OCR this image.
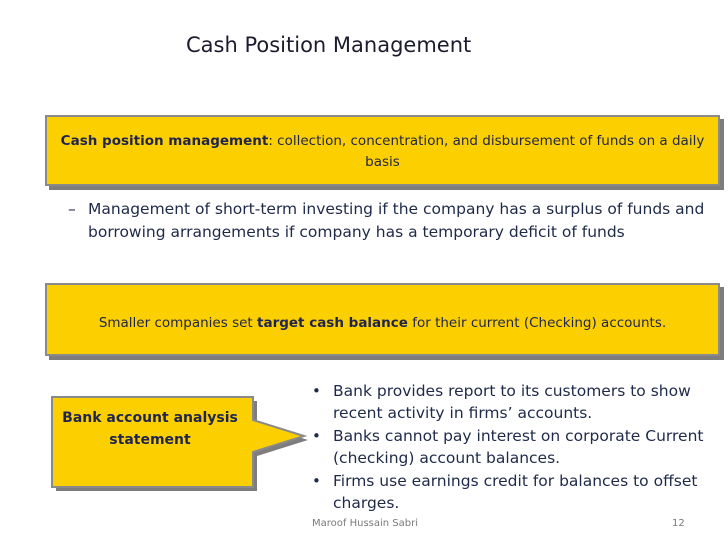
Cash Position Management
Cash position management: collection, concentration, and disbursement of funds on a daily basis
– Management of short-term investing if the company has a surplus of funds and borrowing arrangements if company has a temporary deficit of funds
Smaller companies set target cash balance for their current (Checking) accounts.
Bank account analysis statement
• Bank provides report to its customers to show recent activity in firms’ accounts.
• Banks cannot pay interest on corporate Current (checking) account balances.
• Firms use earnings credit for balances to offset charges.
Maroof Hussain Sabri	12
